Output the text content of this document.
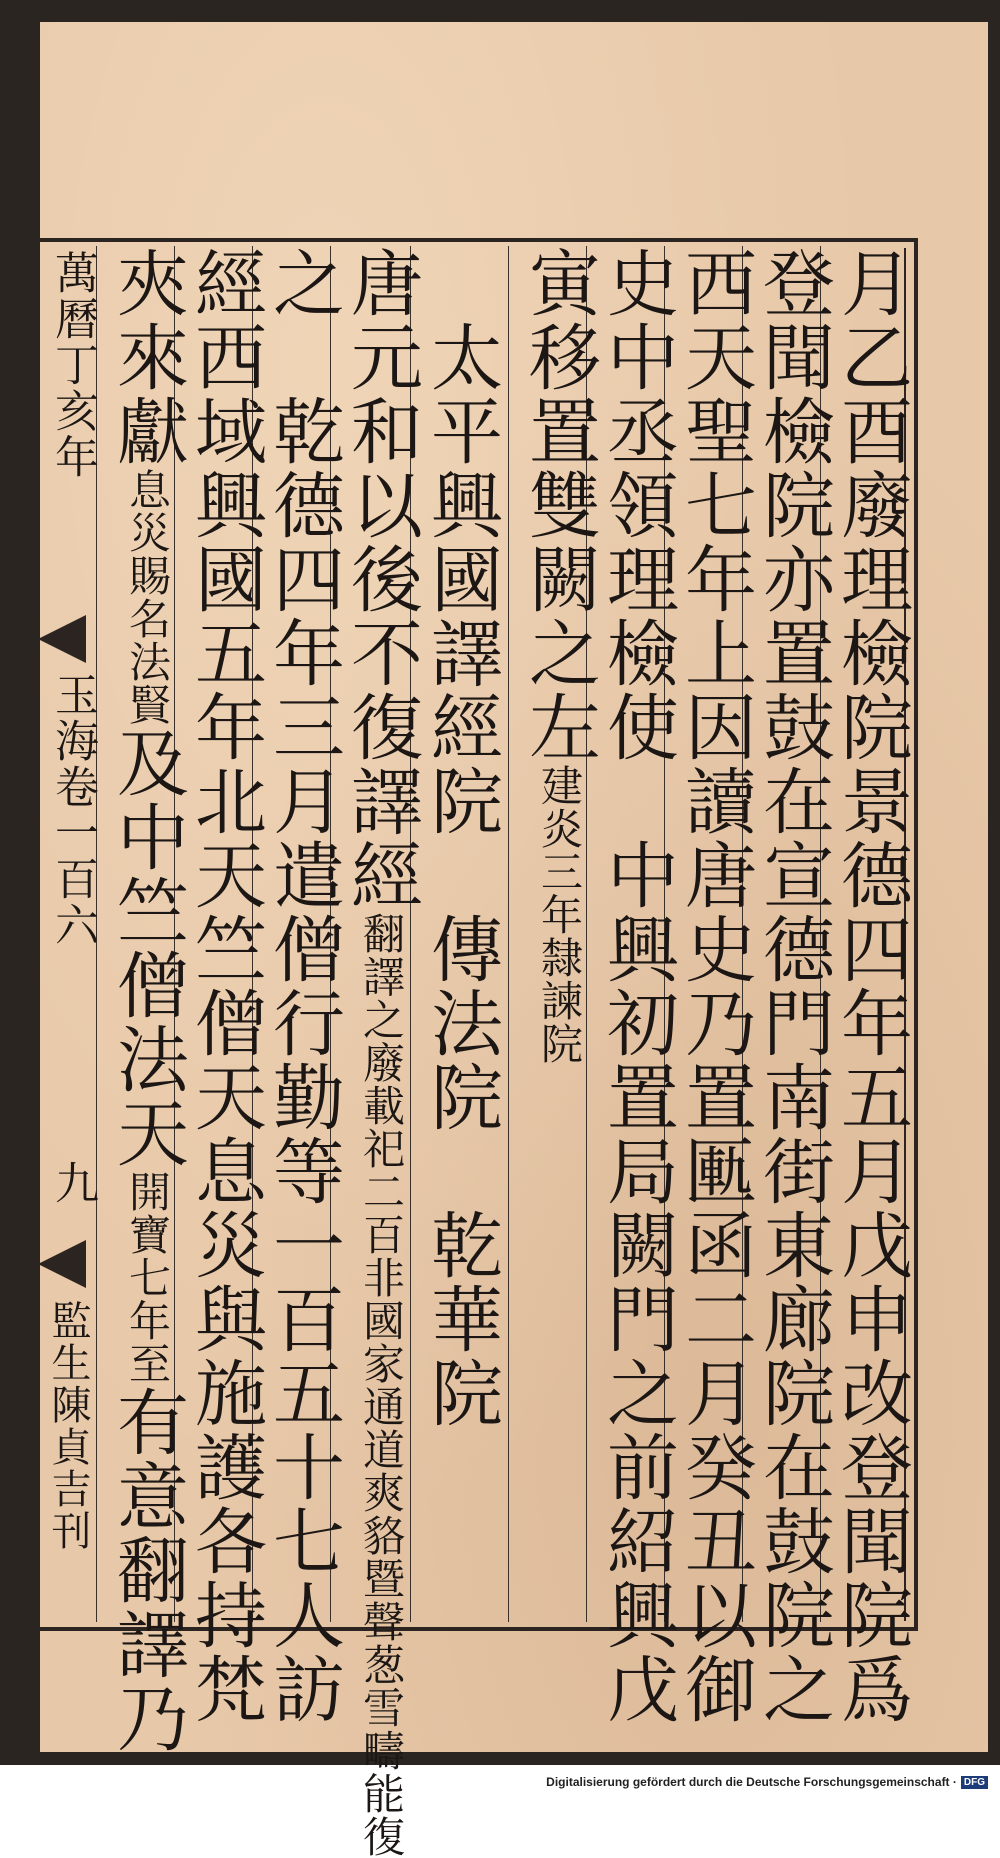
月乙酉廢理檢院景德四年五月戊申改登聞院爲
登聞檢院亦置鼓在宣德門南街東廊院在鼓院之
西天聖七年上因讀唐史乃置匭函二月癸丑以御
史中丞領理檢使　中興初置局闕門之前紹興戊
寅移置雙闕之左建炎三年隸諫院
　太平興國譯經院　傳法院　乾華院
唐元和以後不復譯經翻譯之廢載祀二百非國家通道爽貉暨聲葱雪疇能復
之　乾德四年三月遣僧行勤等一百五十七人訪
經西域興國五年北天竺僧天息災與施護各持梵
夾來獻息災賜名法賢及中竺僧法天開寶七年至有意翻譯乃
萬曆丁亥年
玉海卷一百六
九
監生陳貞吉刊
Digitalisierung gefördert durch die Deutsche Forschungsgemeinschaft · DFG
